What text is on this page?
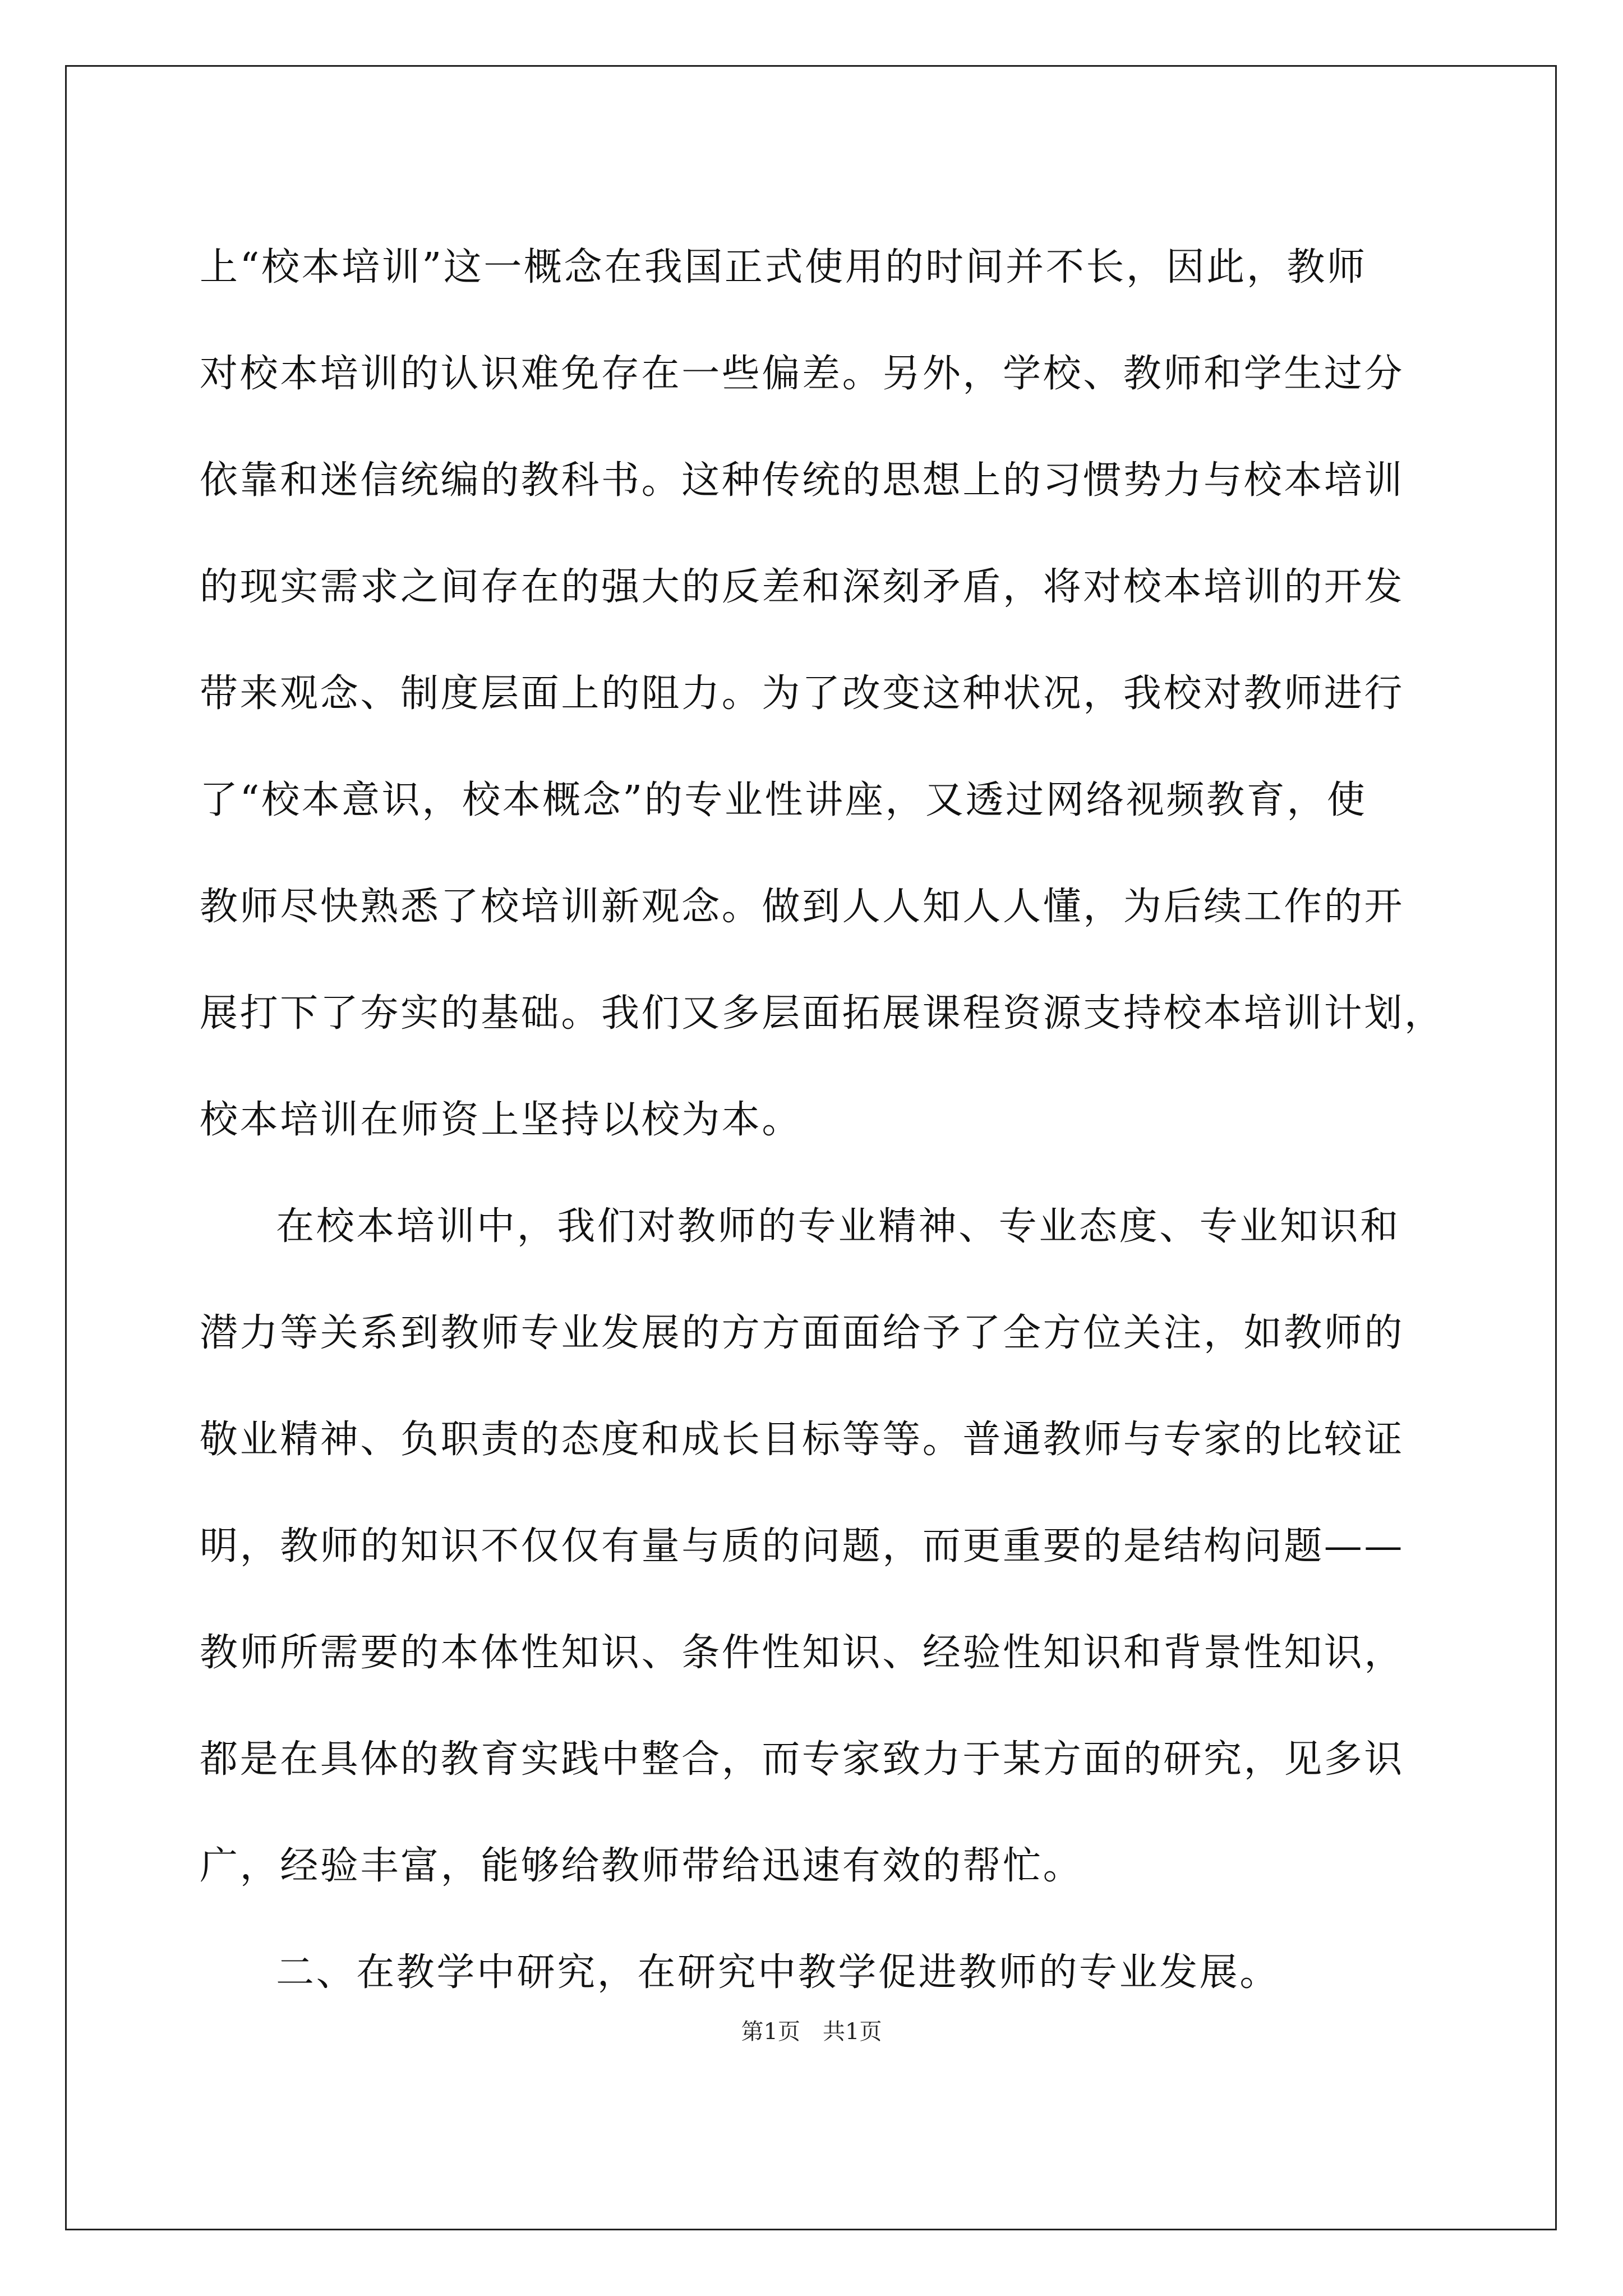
上“校本培训”这一概念在我国正式使用的时间并不长，因此，教师
对校本培训的认识难免存在一些偏差。另外，学校、教师和学生过分
依靠和迷信统编的教科书。这种传统的思想上的习惯势力与校本培训
的现实需求之间存在的强大的反差和深刻矛盾，将对校本培训的开发
带来观念、制度层面上的阻力。为了改变这种状况，我校对教师进行
了“校本意识，校本概念”的专业性讲座，又透过网络视频教育，使
教师尽快熟悉了校培训新观念。做到人人知人人懂，为后续工作的开
展打下了夯实的基础。我们又多层面拓展课程资源支持校本培训计划，
校本培训在师资上坚持以校为本。
在校本培训中，我们对教师的专业精神、专业态度、专业知识和
潜力等关系到教师专业发展的方方面面给予了全方位关注，如教师的
敬业精神、负职责的态度和成长目标等等。普通教师与专家的比较证
明，教师的知识不仅仅有量与质的问题，而更重要的是结构问题——
教师所需要的本体性知识、条件性知识、经验性知识和背景性知识，
都是在具体的教育实践中整合，而专家致力于某方面的研究，见多识
广，经验丰富，能够给教师带给迅速有效的帮忙。
二、在教学中研究，在研究中教学促进教师的专业发展。
第1页　共1页
